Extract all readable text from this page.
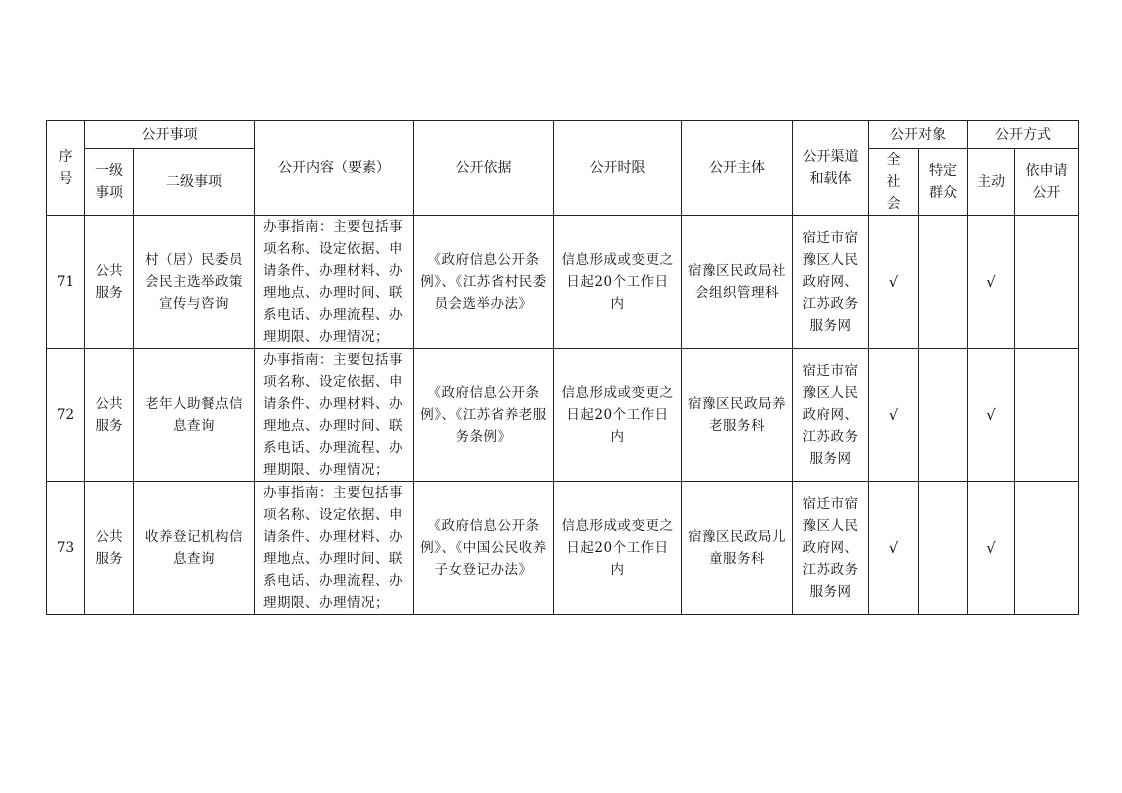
序号	公开事项		公开内容（要素）	公开依据	公开时限	公开主体	公开渠道和载体	公开对象		公开方式	
	一级事项	二级事项						全社会	特定群众	主动	依申请公开
71	公共服务	村（居）民委员会民主选举政策宣传与咨询	办事指南：主要包括事项名称、设定依据、申请条件、办理材料、办理地点、办理时间、联系电话、办理流程、办理期限、办理情况；	《政府信息公开条例》、《江苏省村民委员会选举办法》	信息形成或变更之日起20个工作日内	宿豫区民政局社会组织管理科	宿迁市宿豫区人民政府网、江苏政务服务网	√		√	
72	公共服务	老年人助餐点信息查询	办事指南：主要包括事项名称、设定依据、申请条件、办理材料、办理地点、办理时间、联系电话、办理流程、办理期限、办理情况；	《政府信息公开条例》、《江苏省养老服务条例》	信息形成或变更之日起20个工作日内	宿豫区民政局养老服务科	宿迁市宿豫区人民政府网、江苏政务服务网	√		√	
73	公共服务	收养登记机构信息查询	办事指南：主要包括事项名称、设定依据、申请条件、办理材料、办理地点、办理时间、联系电话、办理流程、办理期限、办理情况；	《政府信息公开条例》、《中国公民收养子女登记办法》	信息形成或变更之日起20个工作日内	宿豫区民政局儿童服务科	宿迁市宿豫区人民政府网、江苏政务服务网	√		√	
